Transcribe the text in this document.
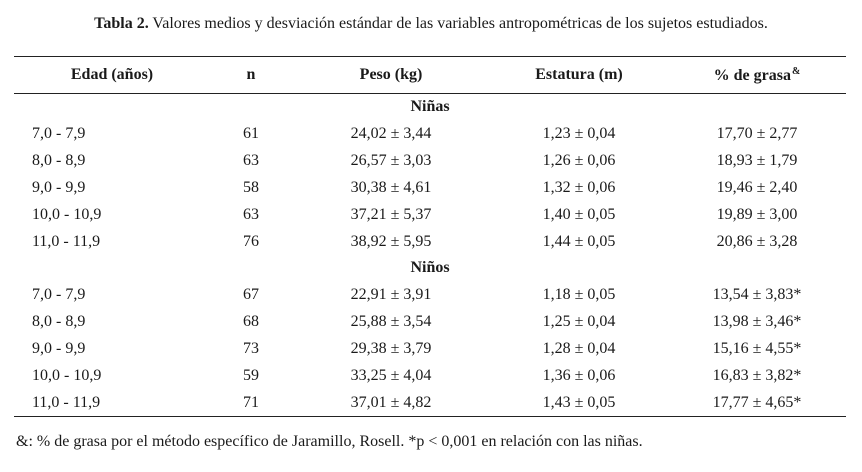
Tabla 2. Valores medios y desviación estándar de las variables antropométricas de los sujetos estudiados.
Edad (años)	n	Peso (kg)	Estatura (m)	% de grasa&
Niñas				
7,0 - 7,9	61	24,02 ± 3,44	1,23 ± 0,04	17,70 ± 2,77
8,0 - 8,9	63	26,57 ± 3,03	1,26 ± 0,06	18,93 ± 1,79
9,0 - 9,9	58	30,38 ± 4,61	1,32 ± 0,06	19,46 ± 2,40
10,0 - 10,9	63	37,21 ± 5,37	1,40 ± 0,05	19,89 ± 3,00
11,0 - 11,9	76	38,92 ± 5,95	1,44 ± 0,05	20,86 ± 3,28
Niños				
7,0 - 7,9	67	22,91 ± 3,91	1,18 ± 0,05	13,54 ± 3,83*
8,0 - 8,9	68	25,88 ± 3,54	1,25 ± 0,04	13,98 ± 3,46*
9,0 - 9,9	73	29,38 ± 3,79	1,28 ± 0,04	15,16 ± 4,55*
10,0 - 10,9	59	33,25 ± 4,04	1,36 ± 0,06	16,83 ± 3,82*
11,0 - 11,9	71	37,01 ± 4,82	1,43 ± 0,05	17,77 ± 4,65*
&: % de grasa por el método específico de Jaramillo, Rosell. *p < 0,001 en relación con las niñas.
